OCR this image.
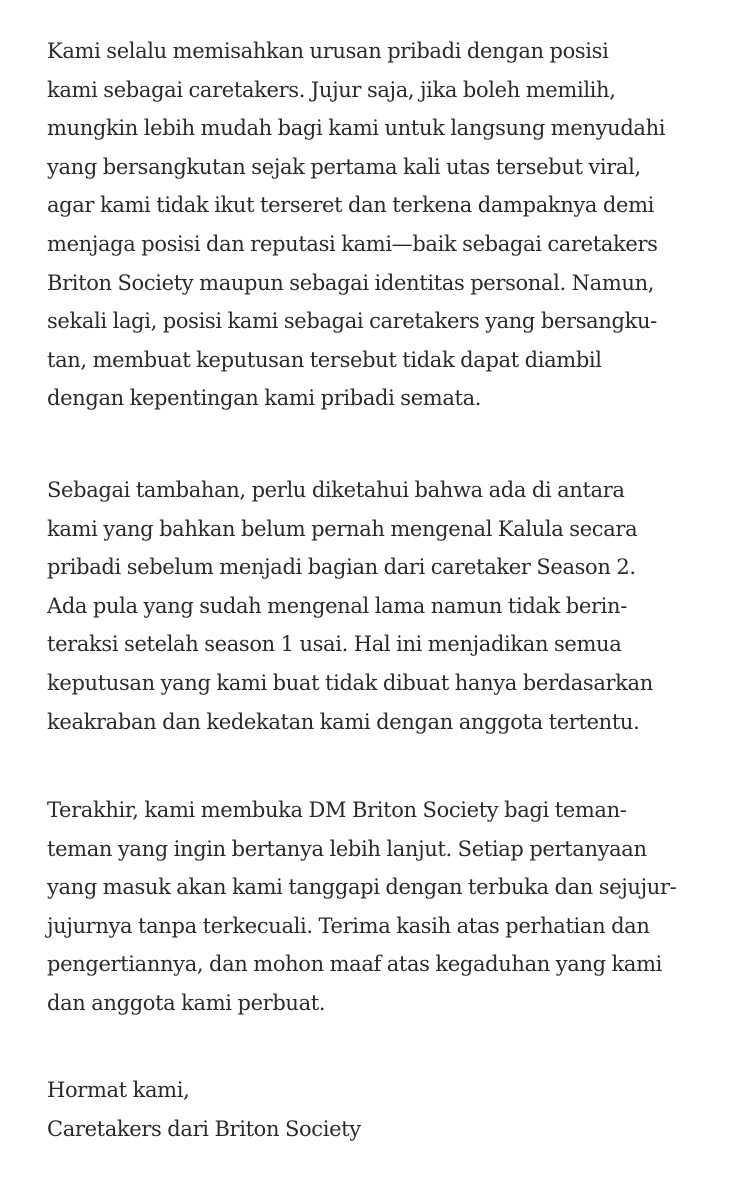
Kami selalu memisahkan urusan pribadi dengan posisi
kami sebagai caretakers. Jujur saja, jika boleh memilih,
mungkin lebih mudah bagi kami untuk langsung menyudahi
yang bersangkutan sejak pertama kali utas tersebut viral,
agar kami tidak ikut terseret dan terkena dampaknya demi
menjaga posisi dan reputasi kami—baik sebagai caretakers
Briton Society maupun sebagai identitas personal. Namun,
sekali lagi, posisi kami sebagai caretakers yang bersangku-
tan, membuat keputusan tersebut tidak dapat diambil
dengan kepentingan kami pribadi semata.
Sebagai tambahan, perlu diketahui bahwa ada di antara
kami yang bahkan belum pernah mengenal Kalula secara
pribadi sebelum menjadi bagian dari caretaker Season 2.
Ada pula yang sudah mengenal lama namun tidak berin-
teraksi setelah season 1 usai. Hal ini menjadikan semua
keputusan yang kami buat tidak dibuat hanya berdasarkan
keakraban dan kedekatan kami dengan anggota tertentu.
Terakhir, kami membuka DM Briton Society bagi teman-
teman yang ingin bertanya lebih lanjut. Setiap pertanyaan
yang masuk akan kami tanggapi dengan terbuka dan sejujur-
jujurnya tanpa terkecuali. Terima kasih atas perhatian dan
pengertiannya, dan mohon maaf atas kegaduhan yang kami
dan anggota kami perbuat.
Hormat kami,
Caretakers dari Briton Society
